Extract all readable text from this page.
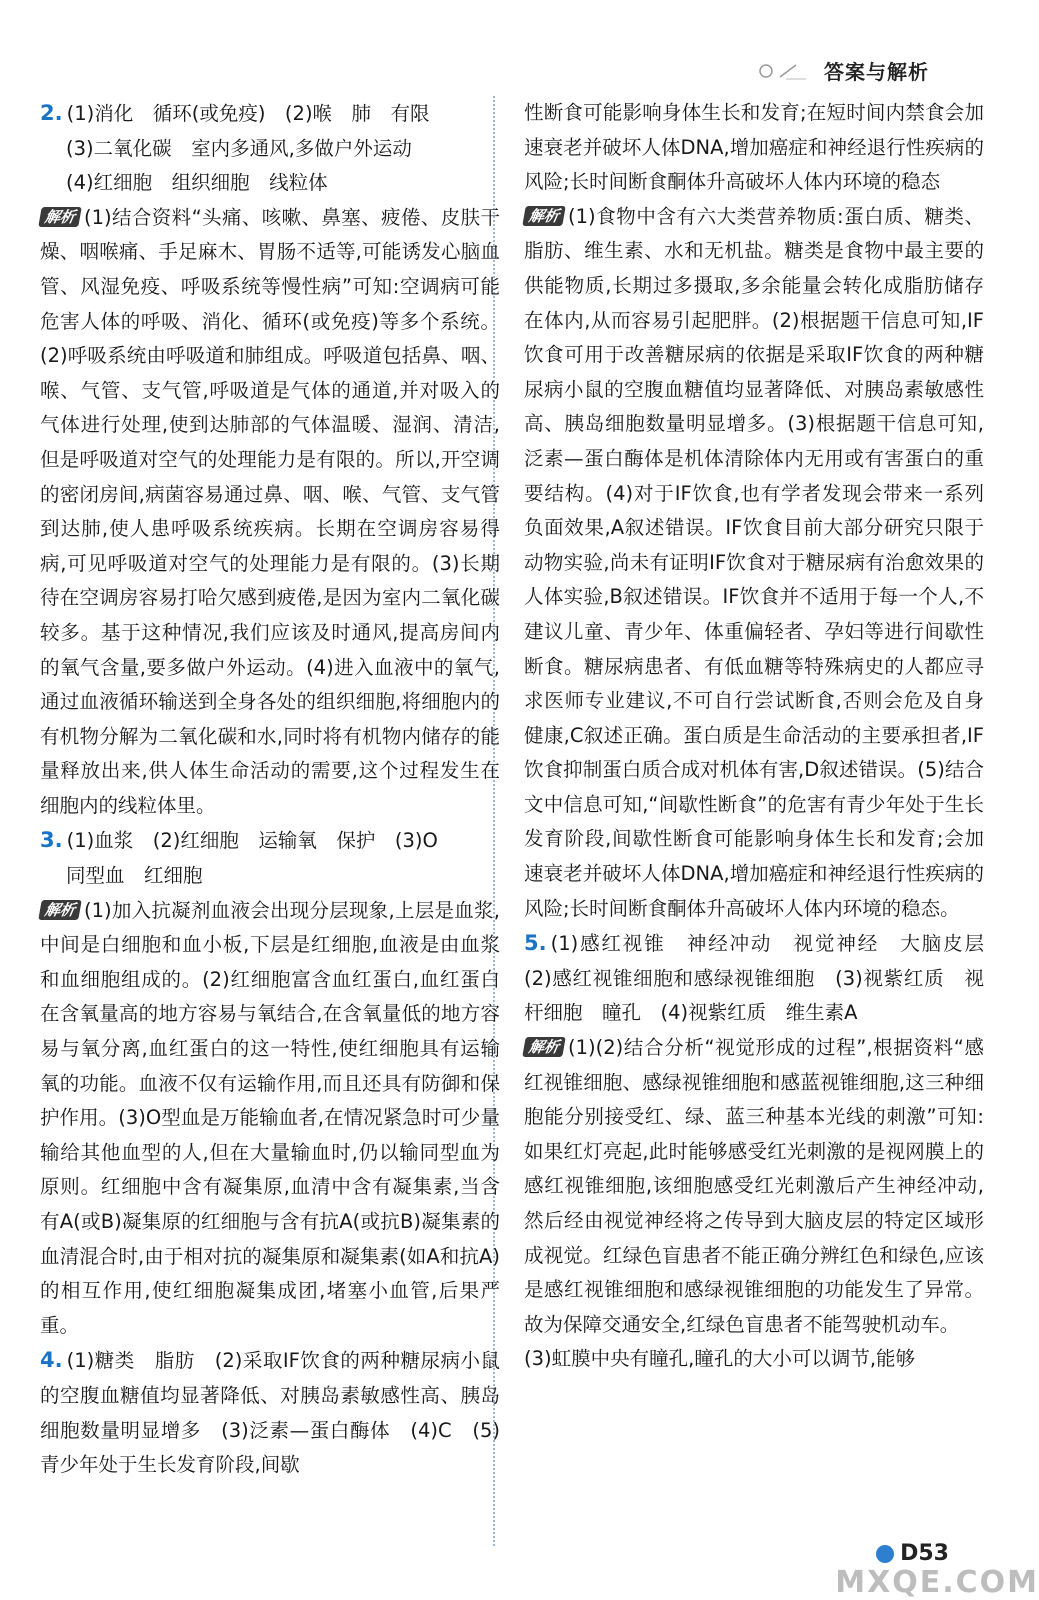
答案与解析
2. (1)消化　循环(或免疫)　(2)喉　肺　有限
(3)二氧化碳　室内多通风,多做户外运动
(4)红细胞　组织细胞　线粒体

解析 (1)结合资料“头痛、咳嗽、鼻塞、疲倦、皮肤干燥、咽喉痛、手足麻木、胃肠不适等,可能诱发心脑血管、风湿免疫、呼吸系统等慢性病”可知:空调病可能危害人体的呼吸、消化、循环(或免疫)等多个系统。(2)呼吸系统由呼吸道和肺组成。呼吸道包括鼻、咽、喉、气管、支气管,呼吸道是气体的通道,并对吸入的气体进行处理,使到达肺部的气体温暖、湿润、清洁,但是呼吸道对空气的处理能力是有限的。所以,开空调的密闭房间,病菌容易通过鼻、咽、喉、气管、支气管到达肺,使人患呼吸系统疾病。长期在空调房容易得病,可见呼吸道对空气的处理能力是有限的。(3)长期待在空调房容易打哈欠感到疲倦,是因为室内二氧化碳较多。基于这种情况,我们应该及时通风,提高房间内的氧气含量,要多做户外运动。(4)进入血液中的氧气,通过血液循环输送到全身各处的组织细胞,将细胞内的有机物分解为二氧化碳和水,同时将有机物内储存的能量释放出来,供人体生命活动的需要,这个过程发生在细胞内的线粒体里。

3. (1)血浆　(2)红细胞　运输氧　保护　(3)O
同型血　红细胞

解析 (1)加入抗凝剂血液会出现分层现象,上层是血浆,中间是白细胞和血小板,下层是红细胞,血液是由血浆和血细胞组成的。(2)红细胞富含血红蛋白,血红蛋白在含氧量高的地方容易与氧结合,在含氧量低的地方容易与氧分离,血红蛋白的这一特性,使红细胞具有运输氧的功能。血液不仅有运输作用,而且还具有防御和保护作用。(3)O型血是万能输血者,在情况紧急时可少量输给其他血型的人,但在大量输血时,仍以输同型血为原则。红细胞中含有凝集原,血清中含有凝集素,当含有A(或B)凝集原的红细胞与含有抗A(或抗B)凝集素的血清混合时,由于相对抗的凝集原和凝集素(如A和抗A)的相互作用,使红细胞凝集成团,堵塞小血管,后果严重。

4. (1)糖类　脂肪　(2)采取IF饮食的两种糖尿病小鼠的空腹血糖值均显著降低、对胰岛素敏感性高、胰岛细胞数量明显增多　(3)泛素—蛋白酶体　(4)C　(5)青少年处于生长发育阶段,间歇

性断食可能影响身体生长和发育;在短时间内禁食会加速衰老并破坏人体DNA,增加癌症和神经退行性疾病的风险;长时间断食酮体升高破坏人体内环境的稳态

解析 (1)食物中含有六大类营养物质:蛋白质、糖类、脂肪、维生素、水和无机盐。糖类是食物中最主要的供能物质,长期过多摄取,多余能量会转化成脂肪储存在体内,从而容易引起肥胖。(2)根据题干信息可知,IF饮食可用于改善糖尿病的依据是采取IF饮食的两种糖尿病小鼠的空腹血糖值均显著降低、对胰岛素敏感性高、胰岛细胞数量明显增多。(3)根据题干信息可知,泛素—蛋白酶体是机体清除体内无用或有害蛋白的重要结构。(4)对于IF饮食,也有学者发现会带来一系列负面效果,A叙述错误。IF饮食目前大部分研究只限于动物实验,尚未有证明IF饮食对于糖尿病有治愈效果的人体实验,B叙述错误。IF饮食并不适用于每一个人,不建议儿童、青少年、体重偏轻者、孕妇等进行间歇性断食。糖尿病患者、有低血糖等特殊病史的人都应寻求医师专业建议,不可自行尝试断食,否则会危及自身健康,C叙述正确。蛋白质是生命活动的主要承担者,IF饮食抑制蛋白质合成对机体有害,D叙述错误。(5)结合文中信息可知,“间歇性断食”的危害有青少年处于生长发育阶段,间歇性断食可能影响身体生长和发育;会加速衰老并破坏人体DNA,增加癌症和神经退行性疾病的风险;长时间断食酮体升高破坏人体内环境的稳态。

5. (1)感红视锥　神经冲动　视觉神经　大脑皮层　(2)感红视锥细胞和感绿视锥细胞　(3)视紫红质　视杆细胞　瞳孔　(4)视紫红质　维生素A

解析 (1)(2)结合分析“视觉形成的过程”,根据资料“感红视锥细胞、感绿视锥细胞和感蓝视锥细胞,这三种细胞能分别接受红、绿、蓝三种基本光线的刺激”可知:如果红灯亮起,此时能够感受红光刺激的是视网膜上的感红视锥细胞,该细胞感受红光刺激后产生神经冲动,然后经由视觉神经将之传导到大脑皮层的特定区域形成视觉。红绿色盲患者不能正确分辨红色和绿色,应该是感红视锥细胞和感绿视锥细胞的功能发生了异常。故为保障交通安全,红绿色盲患者不能驾驶机动车。

(3)虹膜中央有瞳孔,瞳孔的大小可以调节,能够

D53
MXQE.COM
